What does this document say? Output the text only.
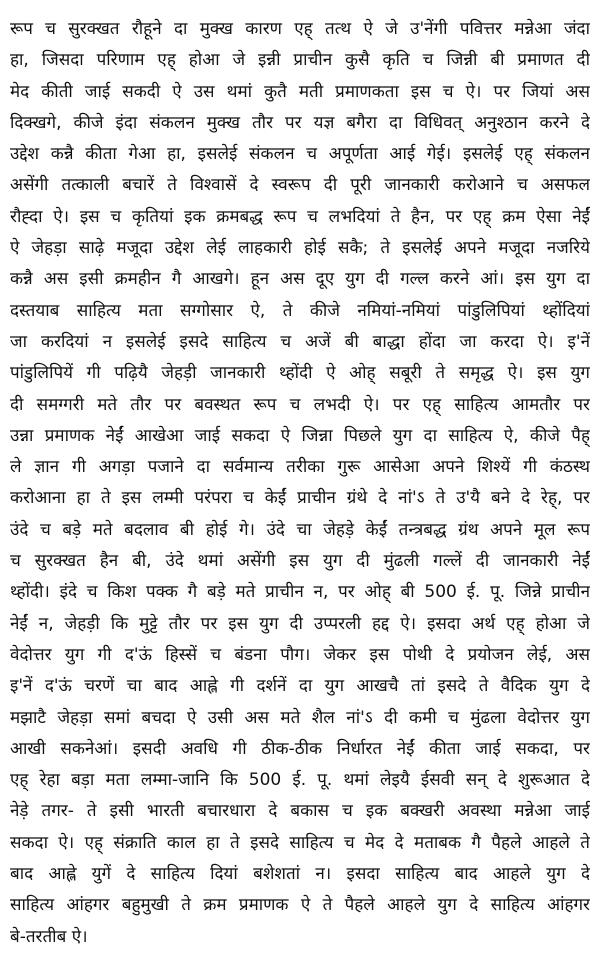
रूप च सुरक्खत रौहूने दा मुक्ख कारण एह् तत्थ ऐ जे उ'नेंगी पवित्तर मन्नेआ जंदा
हा, जिसदा परिणाम एह् होआ जे इन्नी प्राचीन कुसै कृति च जिन्नी बी प्रमाणत दी
मेद कीती जाई सकदी ऐ उस थमां कुतै मती प्रमाणकता इस च ऐ। पर जियां अस
दिक्खगे, कीजे इंदा संकलन मुक्ख तौर पर यज्ञ बगैरा दा विधिवत् अनुश्ठान करने दे
उद्देश कन्नै कीता गेआ हा, इसलेई संकलन च अपूर्णता आई गेई। इसलेई एह् संकलन
असेंगी तत्काली बचारें ते विश्वासें दे स्वरूप दी पूरी जानकारी करोआने च असफल
रौह्दा ऐ। इस च कृतियां इक क्रमबद्ध रूप च लभदियां ते हैन, पर एह् क्रम ऐसा नेईं
ऐ जेहड़ा साढ़े मजूदा उद्देश लेई लाहकारी होई सकै; ते इसलेई अपने मजूदा नजरिये
कन्नै अस इसी क्रमहीन गै आखगे। हून अस दूए युग दी गल्ल करने आं। इस युग दा
दस्तयाब साहित्य मता सग्गोसार ऐ, ते कीजे नमियां-नमियां पांडुलिपियां थ्होंदियां
जा करदियां न इसलेई इसदे साहित्य च अजें बी बाद्धा होंदा जा करदा ऐ। इ'नें
पांडुलिपियें गी पढ़ियै जेहड़ी जानकारी थ्होंदी ऐ ओह् सबूरी ते समृद्ध ऐ। इस युग
दी समग्गरी मते तौर पर बवस्थत रूप च लभदी ऐ। पर एह् साहित्य आमतौर पर
उन्ना प्रमाणक नेईं आखेआ जाई सकदा ऐ जिन्ना पिछले युग दा साहित्य ऐ, कीजे पैह्
ले ज्ञान गी अगड़ा पजाने दा सर्वमान्य तरीका गुरू आसेआ अपने शिश्यें गी कंठस्थ
करोआना हा ते इस लम्मी परंपरा च केईं प्राचीन ग्रंथे दे नां'ऽ ते उ'यै बने दे रेह्, पर
उंदे च बड़े मते बदलाव बी होई गे। उंदे चा जेहड़े केईं तन्त्रबद्ध ग्रंथ अपने मूल रूप
च सुरक्खत हैन बी, उंदे थमां असेंगी इस युग दी मुंढली गल्लें दी जानकारी नेईं
थ्होंदी। इंदे च किश पक्क गै बड़े मते प्राचीन न, पर ओह् बी 500 ई. पू. जिन्ने प्राचीन
नेईं न, जेहड़ी कि मुट्टे तौर पर इस युग दी उप्परली हद्द ऐ। इसदा अर्थ एह् होआ जे
वेदोत्तर युग गी द'ऊं हिस्सें च बंडना पौग। जेकर इस पोथी दे प्रयोजन लेई, अस
इ'नें द'ऊं चरणें चा बाद आह्ले गी दर्शनें दा युग आखचै तां इसदे ते वैदिक युग दे
मझाटै जेहड़ा समां बचदा ऐ उसी अस मते शैल नां'ऽ दी कमी च मुंढला वेदोत्तर युग
आखी सकनेआं। इसदी अवधि गी ठीक-ठीक निर्धारत नेईं कीता जाई सकदा, पर
एह् रेहा बड़ा मता लम्मा-जानि कि 500 ई. पू. थमां लेइयै ईसवी सन् दे शुरूआत दे
नेड़े तगर- ते इसी भारती बचारधारा दे बकास च इक बक्खरी अवस्था मन्नेआ जाई
सकदा ऐ। एह् संक्राति काल हा ते इसदे साहित्य च मेद दे मताबक गै पैहले आहले ते
बाद आह्ले युगें दे साहित्य दियां बशेशतां न। इसदा साहित्य बाद आहले युग दे
साहित्य आंहगर बहुमुखी ते क्रम प्रमाणक ऐ ते पैहले आहले युग दे साहित्य आंहगर
बे-तरतीब ऐ।
